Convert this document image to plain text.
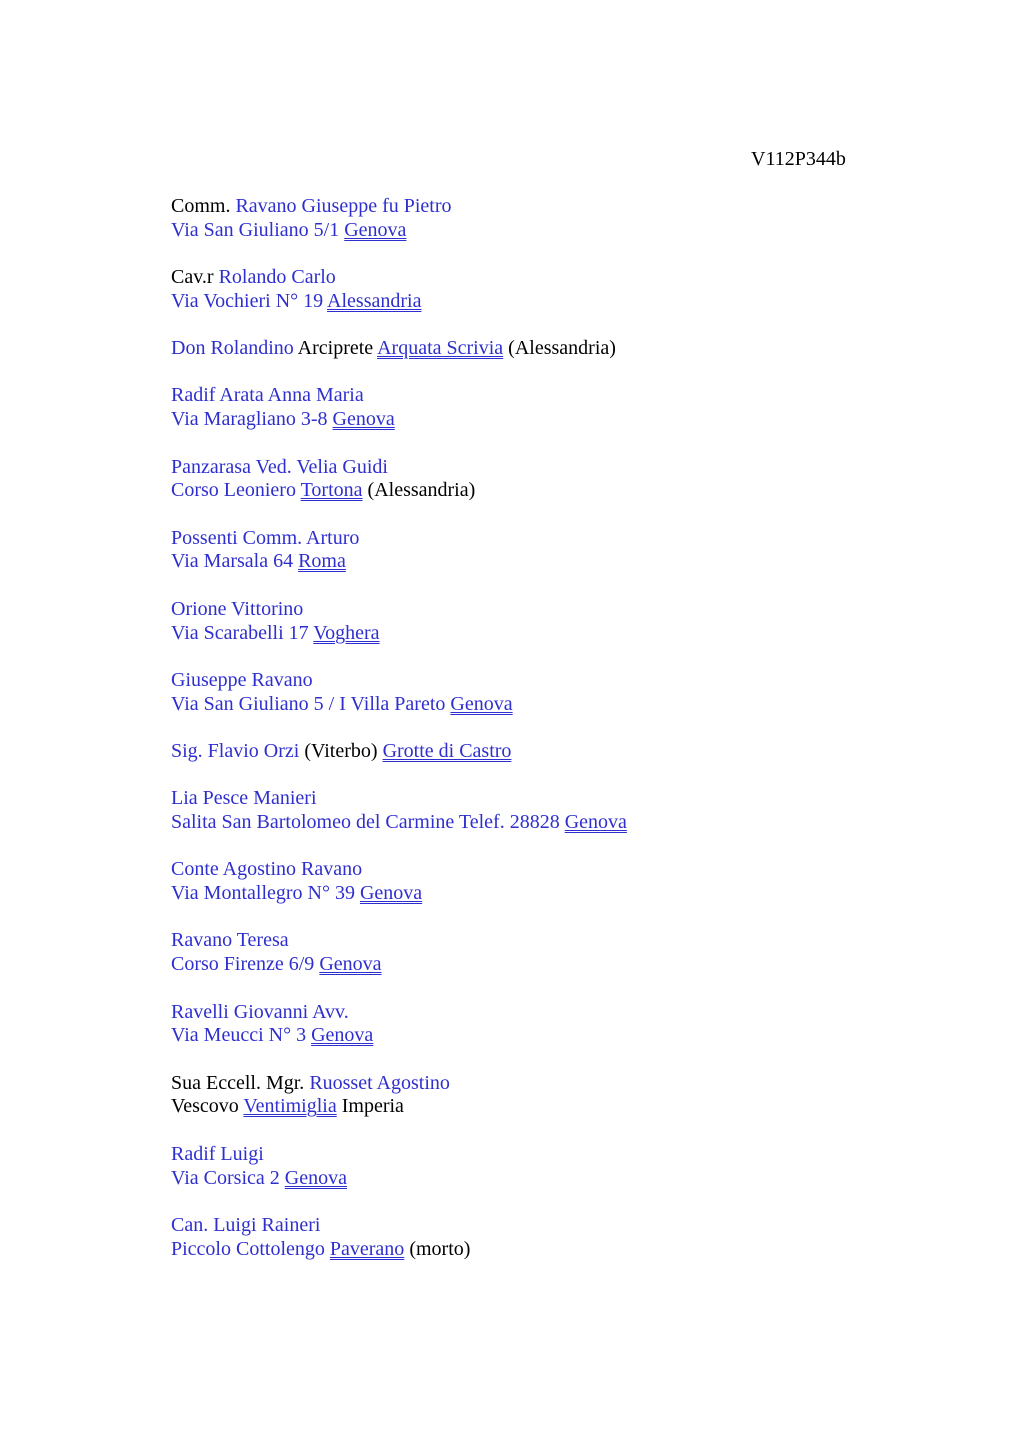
V112P344b
Comm. Ravano Giuseppe fu Pietro
Via San Giuliano 5/1 Genova
Cav.r Rolando Carlo
Via Vochieri N° 19 Alessandria
Don Rolandino Arciprete Arquata Scrivia (Alessandria)
Radif Arata Anna Maria
Via Maragliano 3-8 Genova
Panzarasa Ved. Velia Guidi
Corso Leoniero Tortona (Alessandria)
Possenti Comm. Arturo
Via Marsala 64 Roma
Orione Vittorino
Via Scarabelli 17 Voghera
Giuseppe Ravano
Via San Giuliano 5 / I Villa Pareto Genova
Sig. Flavio Orzi (Viterbo) Grotte di Castro
Lia Pesce Manieri
Salita San Bartolomeo del Carmine Telef. 28828 Genova
Conte Agostino Ravano
Via Montallegro N° 39 Genova
Ravano Teresa
Corso Firenze 6/9 Genova
Ravelli Giovanni Avv.
Via Meucci N° 3 Genova
Sua Eccell. Mgr. Ruosset Agostino
Vescovo Ventimiglia Imperia
Radif Luigi
Via Corsica 2 Genova
Can. Luigi Raineri
Piccolo Cottolengo Paverano (morto)
